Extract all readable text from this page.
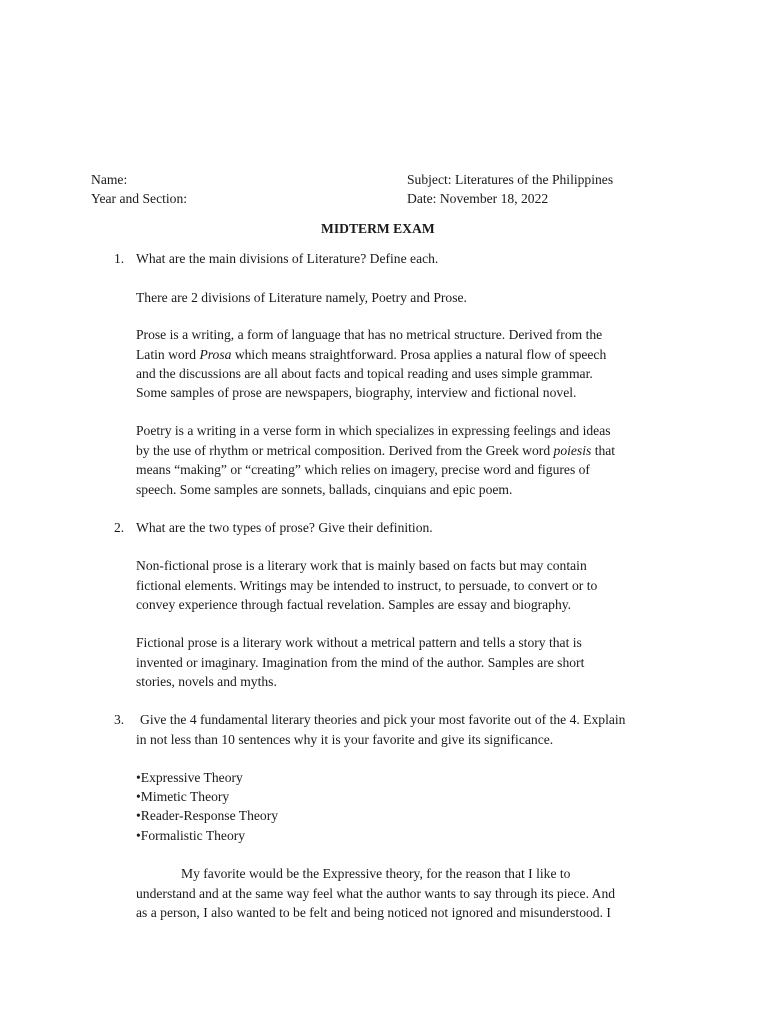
Name:
Year and Section:
Subject: Literatures of the Philippines
Date: November 18, 2022
MIDTERM EXAM
1. What are the main divisions of Literature? Define each.
There are 2 divisions of Literature namely, Poetry and Prose.
Prose is a writing, a form of language that has no metrical structure. Derived from the
Latin word Prosa which means straightforward. Prosa applies a natural flow of speech
and the discussions are all about facts and topical reading and uses simple grammar.
Some samples of prose are newspapers, biography, interview and fictional novel.
Poetry is a writing in a verse form in which specializes in expressing feelings and ideas
by the use of rhythm or metrical composition. Derived from the Greek word poiesis that
means “making” or “creating” which relies on imagery, precise word and figures of
speech. Some samples are sonnets, ballads, cinquians and epic poem.
2. What are the two types of prose? Give their definition.
Non-fictional prose is a literary work that is mainly based on facts but may contain
fictional elements. Writings may be intended to instruct, to persuade, to convert or to
convey experience through factual revelation. Samples are essay and biography.
Fictional prose is a literary work without a metrical pattern and tells a story that is
invented or imaginary. Imagination from the mind of the author. Samples are short
stories, novels and myths.
3. Give the 4 fundamental literary theories and pick your most favorite out of the 4. Explain
in not less than 10 sentences why it is your favorite and give its significance.
•Expressive Theory
•Mimetic Theory
•Reader-Response Theory
•Formalistic Theory
My favorite would be the Expressive theory, for the reason that I like to
understand and at the same way feel what the author wants to say through its piece. And
as a person, I also wanted to be felt and being noticed not ignored and misunderstood. I
